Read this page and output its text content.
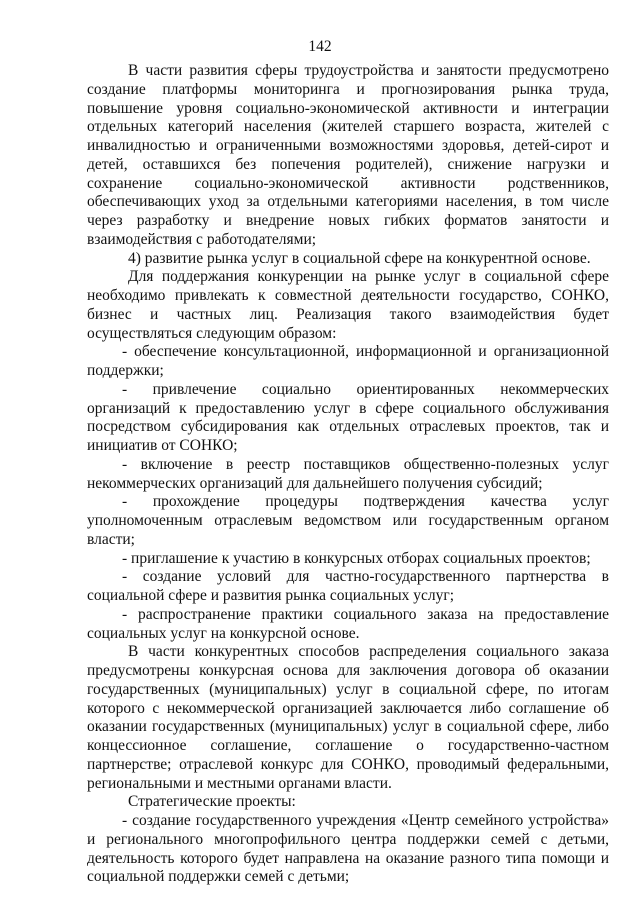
142

В части развития сферы трудоустройства и занятости предусмотрено создание платформы мониторинга и прогнозирования рынка труда, повышение уровня социально-экономической активности и интеграции отдельных категорий населения (жителей старшего возраста, жителей с инвалидностью и ограниченными возможностями здоровья, детей-сирот и детей, оставшихся без попечения родителей), снижение нагрузки и сохранение социально-экономической активности родственников, обеспечивающих уход за отдельными категориями населения, в том числе через разработку и внедрение новых гибких форматов занятости и взаимодействия с работодателями;

4) развитие рынка услуг в социальной сфере на конкурентной основе.

Для поддержания конкуренции на рынке услуг в социальной сфере необходимо привлекать к совместной деятельности государство, СОНКО, бизнес и частных лиц. Реализация такого взаимодействия будет осуществляться следующим образом:

- обеспечение консультационной, информационной и организационной поддержки;

- привлечение социально ориентированных некоммерческих организаций к предоставлению услуг в сфере социального обслуживания посредством субсидирования как отдельных отраслевых проектов, так и инициатив от СОНКО;

- включение в реестр поставщиков общественно-полезных услуг некоммерческих организаций для дальнейшего получения субсидий;

- прохождение процедуры подтверждения качества услуг уполномоченным отраслевым ведомством или государственным органом власти;

- приглашение к участию в конкурсных отборах социальных проектов;

- создание условий для частно-государственного партнерства в социальной сфере и развития рынка социальных услуг;

- распространение практики социального заказа на предоставление социальных услуг на конкурсной основе.

В части конкурентных способов распределения социального заказа предусмотрены конкурсная основа для заключения договора об оказании государственных (муниципальных) услуг в социальной сфере, по итогам которого с некоммерческой организацией заключается либо соглашение об оказании государственных (муниципальных) услуг в социальной сфере, либо концессионное соглашение, соглашение о государственно-частном партнерстве; отраслевой конкурс для СОНКО, проводимый федеральными, региональными и местными органами власти.

Стратегические проекты:

- создание государственного учреждения «Центр семейного устройства» и регионального многопрофильного центра поддержки семей с детьми, деятельность которого будет направлена на оказание разного типа помощи и социальной поддержки семей с детьми;
